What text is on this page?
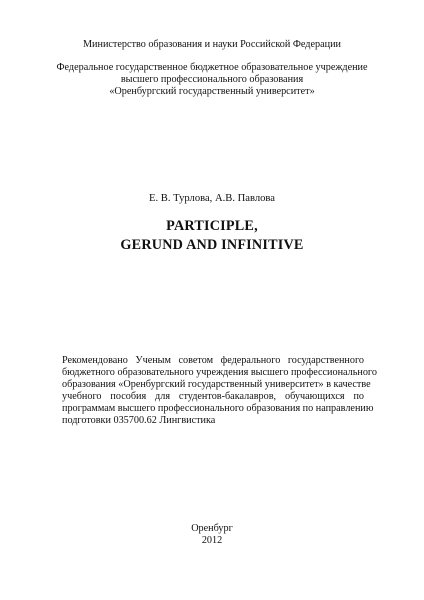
Министерство образования и науки Российской Федерации
Федеральное государственное бюджетное образовательное учреждение
высшего профессионального образования
«Оренбургский государственный университет»
Е. В. Турлова, А.В. Павлова
PARTICIPLE,
GERUND AND INFINITIVE
Рекомендовано Ученым советом федерального государственного
бюджетного образовательного учреждения высшего профессионального
образования «Оренбургский государственный университет» в качестве
учебного пособия для студентов-бакалавров, обучающихся по
программам высшего профессионального образования по направлению
подготовки 035700.62 Лингвистика
Оренбург
2012
